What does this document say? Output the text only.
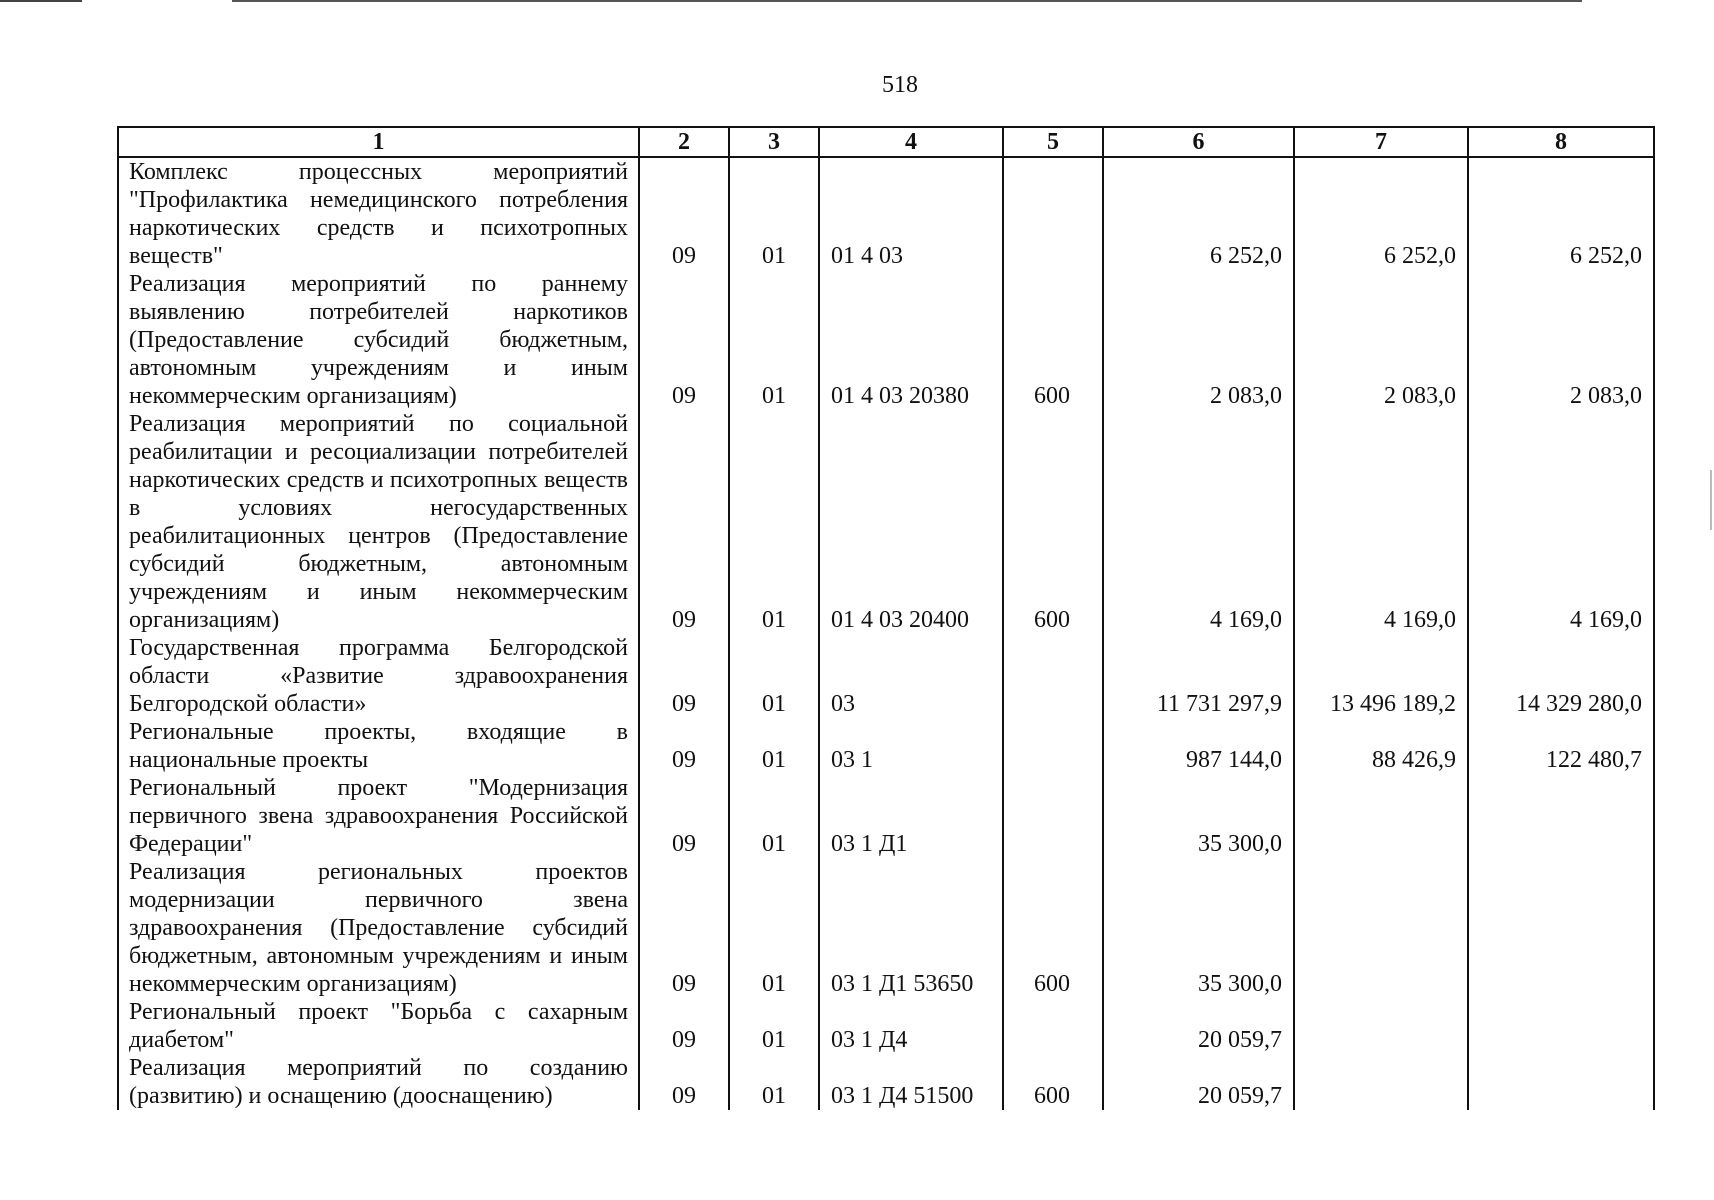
518
1	2	3	4	5	6	7	8
Комплекс процессных мероприятий "Профилактика немедицинского потребления наркотических средств и психотропных веществ"	09	01	01 4 03		6 252,0	6 252,0	6 252,0
Реализация мероприятий по раннему выявлению потребителей наркотиков (Предоставление субсидий бюджетным, автономным учреждениям и иным некоммерческим организациям)	09	01	01 4 03 20380	600	2 083,0	2 083,0	2 083,0
Реализация мероприятий по социальной реабилитации и ресоциализации потребителей наркотических средств и психотропных веществ в условиях негосударственных реабилитационных центров (Предоставление субсидий бюджетным, автономным учреждениям и иным некоммерческим организациям)	09	01	01 4 03 20400	600	4 169,0	4 169,0	4 169,0
Государственная программа Белгородской области «Развитие здравоохранения Белгородской области»	09	01	03		11 731 297,9	13 496 189,2	14 329 280,0
Региональные проекты, входящие в национальные проекты	09	01	03 1		987 144,0	88 426,9	122 480,7
Региональный проект "Модернизация первичного звена здравоохранения Российской Федерации"	09	01	03 1 Д1		35 300,0		
Реализация региональных проектов модернизации первичного звена здравоохранения (Предоставление субсидий бюджетным, автономным учреждениям и иным некоммерческим организациям)	09	01	03 1 Д1 53650	600	35 300,0		
Региональный проект "Борьба с сахарным диабетом"	09	01	03 1 Д4		20 059,7		
Реализация мероприятий по созданию (развитию) и оснащению (дооснащению)	09	01	03 1 Д4 51500	600	20 059,7		
